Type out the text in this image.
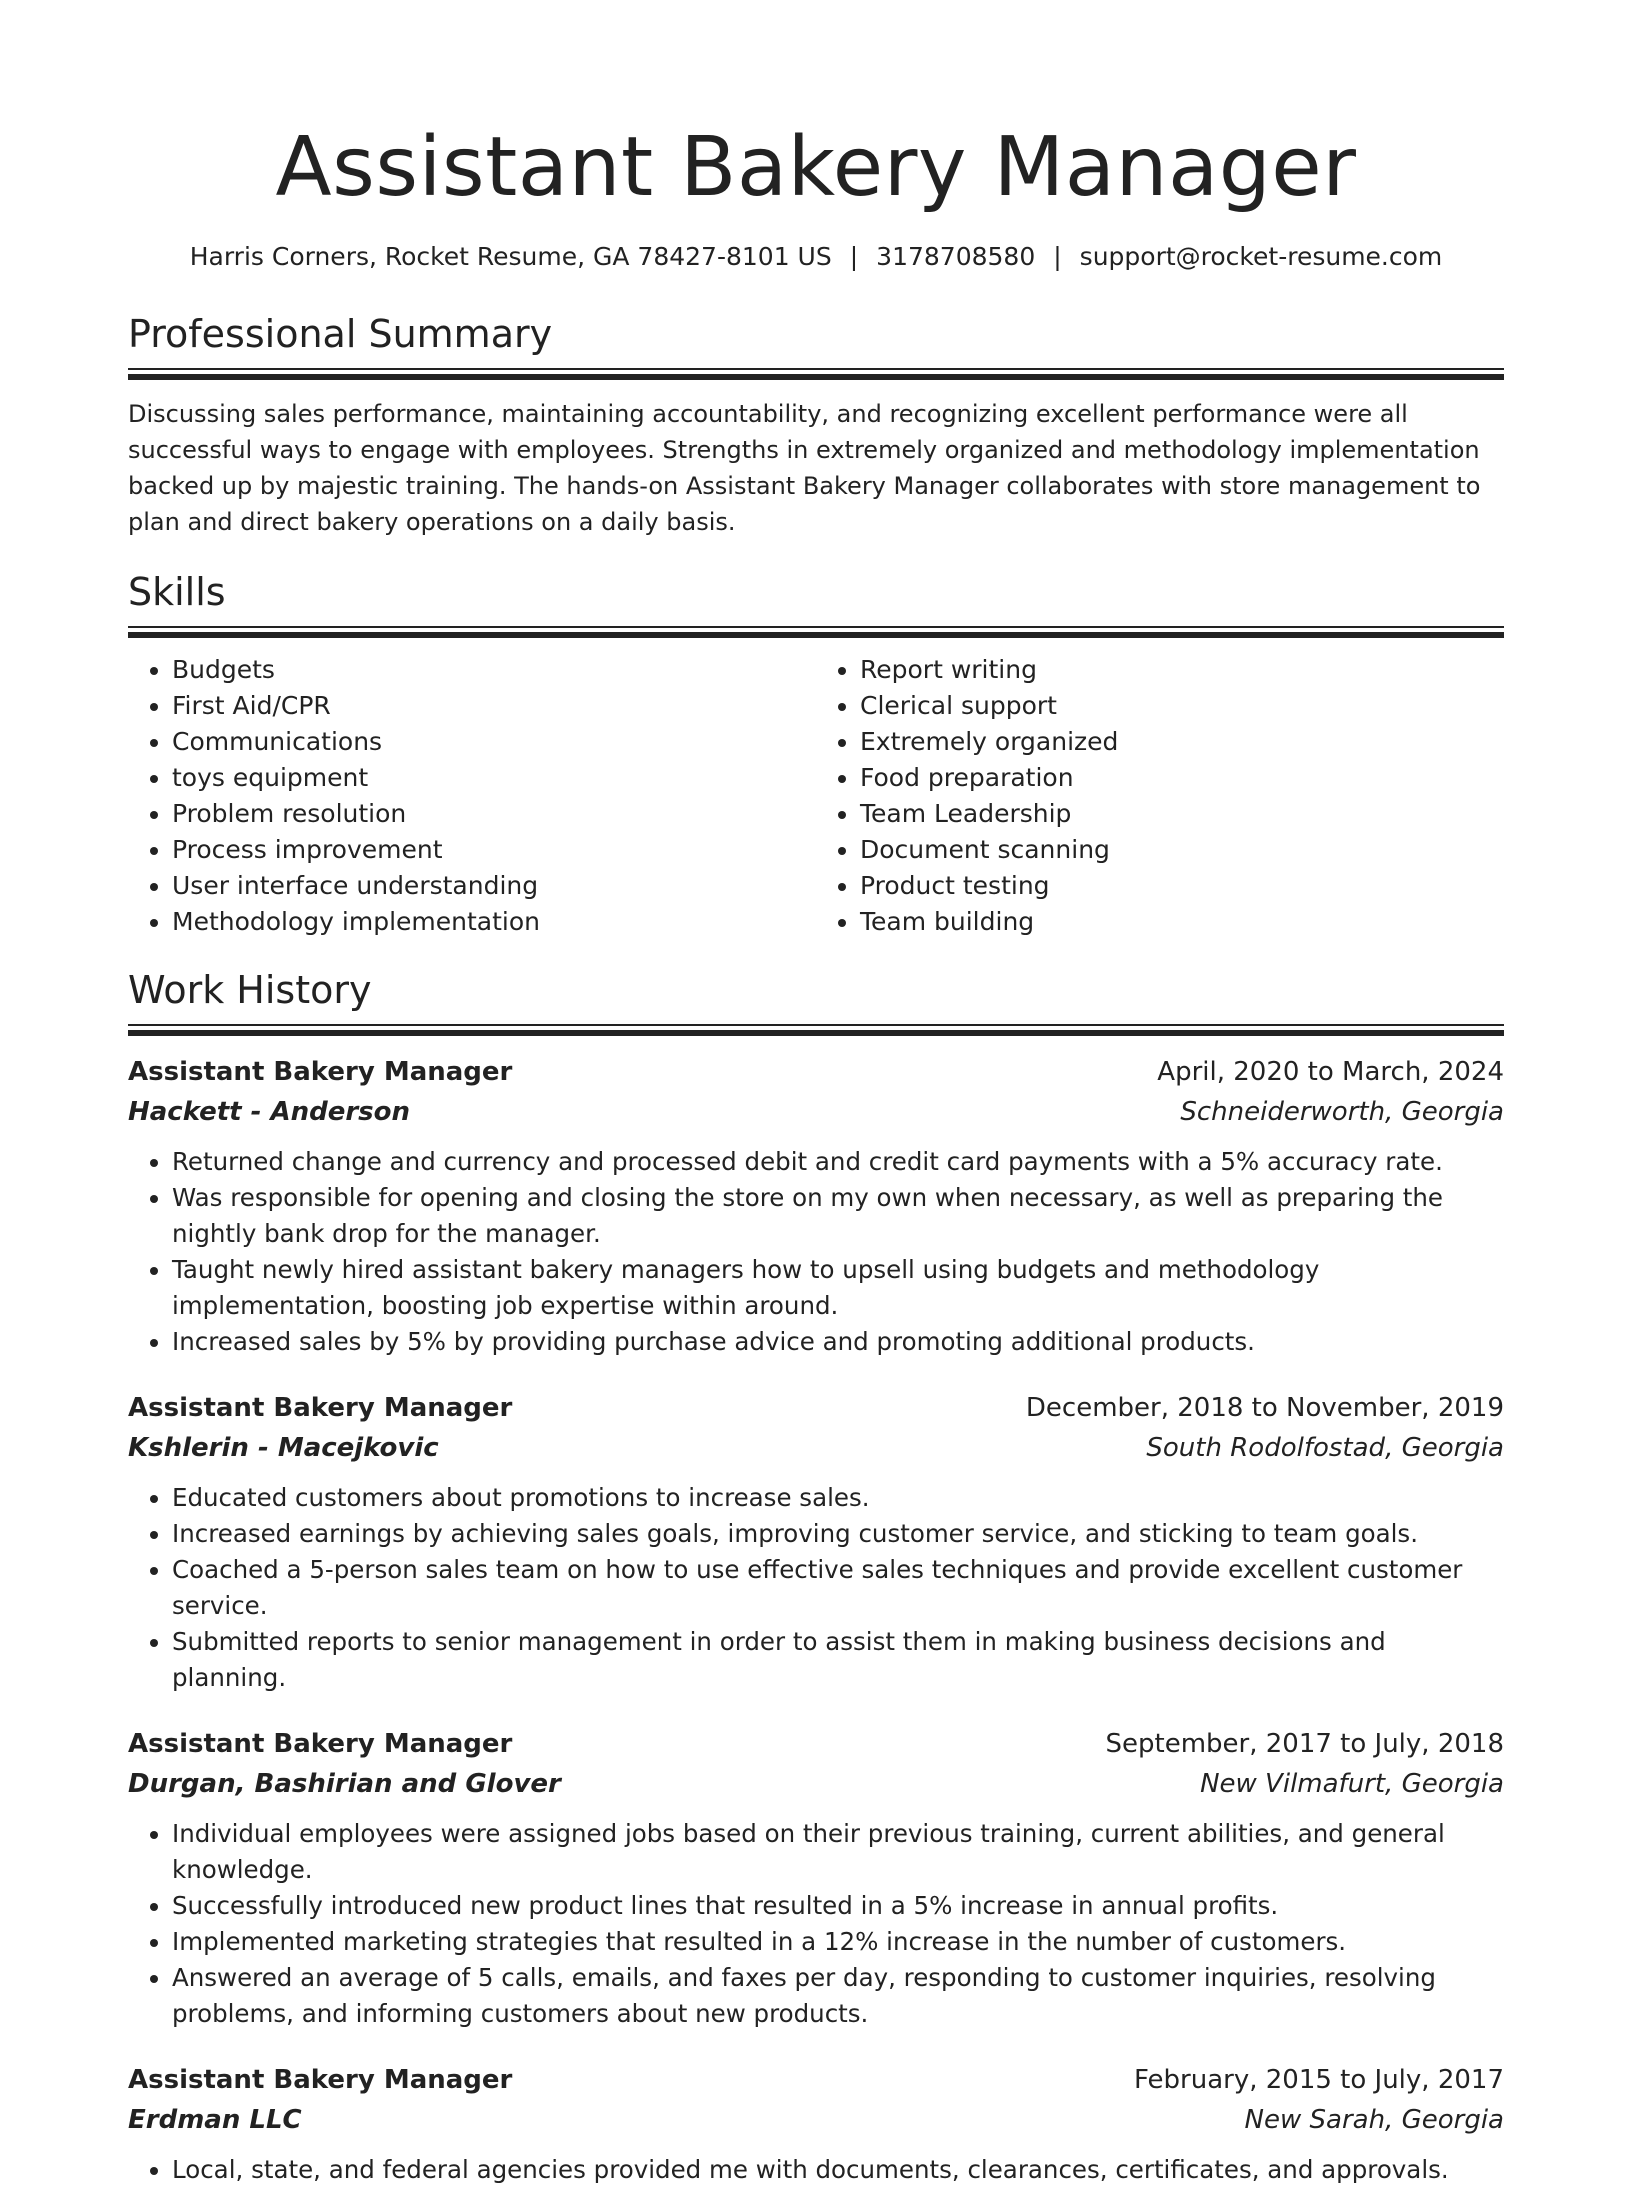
Assistant Bakery Manager
Harris Corners, Rocket Resume, GA 78427-8101 US | 3178708580 | support@rocket-resume.com
Professional Summary

Discussing sales performance, maintaining accountability, and recognizing excellent performance were all successful ways to engage with employees. Strengths in extremely organized and methodology implementation backed up by majestic training. The hands-on Assistant Bakery Manager collaborates with store management to plan and direct bakery operations on a daily basis.

Skills
• Budgets
• First Aid/CPR
• Communications
• toys equipment
• Problem resolution
• Process improvement
• User interface understanding
• Methodology implementation
• Report writing
• Clerical support
• Extremely organized
• Food preparation
• Team Leadership
• Document scanning
• Product testing
• Team building
Work History
Assistant Bakery Manager	April, 2020 to March, 2024
Hackett - Anderson	Schneiderworth, Georgia
• Returned change and currency and processed debit and credit card payments with a 5% accuracy rate.
• Was responsible for opening and closing the store on my own when necessary, as well as preparing the nightly bank drop for the manager.
• Taught newly hired assistant bakery managers how to upsell using budgets and methodology implementation, boosting job expertise within around.
• Increased sales by 5% by providing purchase advice and promoting additional products.
Assistant Bakery Manager	December, 2018 to November, 2019
Kshlerin - Macejkovic	South Rodolfostad, Georgia
• Educated customers about promotions to increase sales.
• Increased earnings by achieving sales goals, improving customer service, and sticking to team goals.
• Coached a 5-person sales team on how to use effective sales techniques and provide excellent customer service.
• Submitted reports to senior management in order to assist them in making business decisions and planning.
Assistant Bakery Manager	September, 2017 to July, 2018
Durgan, Bashirian and Glover	New Vilmafurt, Georgia
• Individual employees were assigned jobs based on their previous training, current abilities, and general knowledge.
• Successfully introduced new product lines that resulted in a 5% increase in annual profits.
• Implemented marketing strategies that resulted in a 12% increase in the number of customers.
• Answered an average of 5 calls, emails, and faxes per day, responding to customer inquiries, resolving problems, and informing customers about new products.
Assistant Bakery Manager	February, 2015 to July, 2017
Erdman LLC	New Sarah, Georgia
• Local, state, and federal agencies provided me with documents, clearances, certificates, and approvals.
